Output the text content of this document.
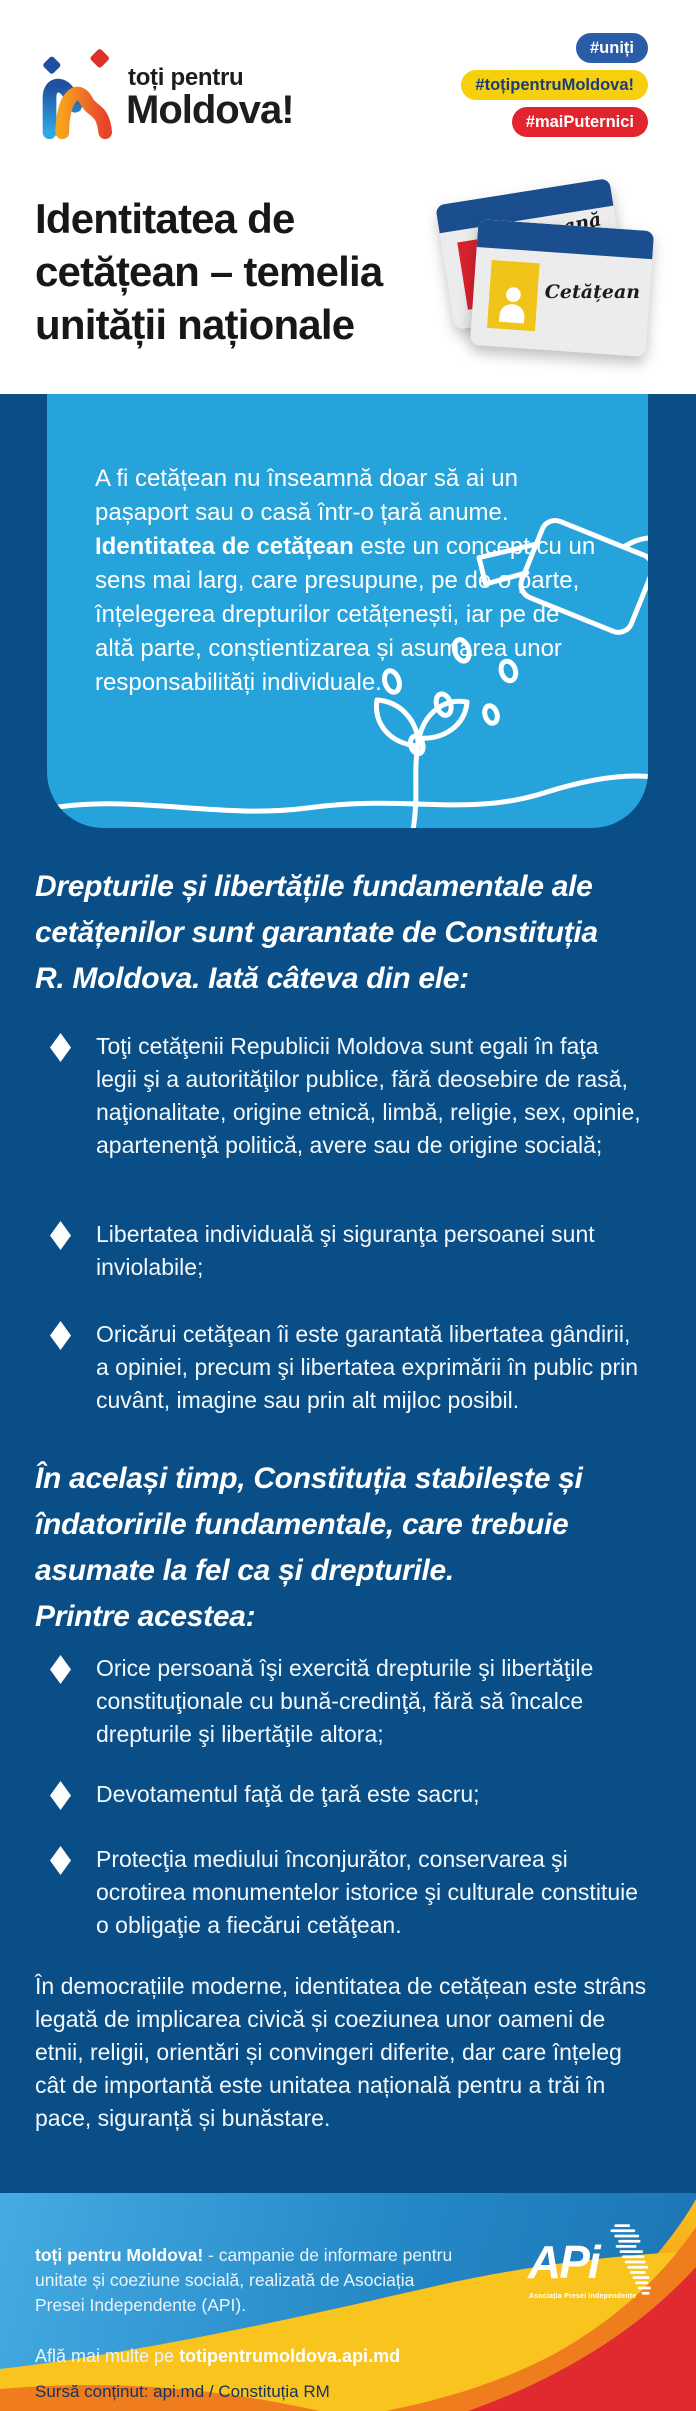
toți pentru
Moldova!
#uniți
#toțipentruMoldova!
#maiPuternici
Identitatea de
cetățean – temelia
unității naționale
Cetățean

A fi cetățean nu înseamnă doar să ai un pașaport sau o casă într-o țară anume. Identitatea de cetățean este un concept cu un sens mai larg, care presupune, pe de o parte, înțelegerea drepturilor cetățenești, iar pe de altă parte, conștientizarea și asumarea unor responsabilități individuale.

Drepturile și libertățile fundamentale ale
cetățenilor sunt garantate de Constituția
R. Moldova. Iată câteva din ele:

Toţi cetăţenii Republicii Moldova sunt egali în faţa legii şi a autorităţilor publice, fără deosebire de rasă, naţionalitate, origine etnică, limbă, religie, sex, opinie, apartenenţă politică, avere sau de origine socială;

Libertatea individuală şi siguranţa persoanei sunt inviolabile;

Oricărui cetăţean îi este garantată libertatea gândirii, a opiniei, precum şi libertatea exprimării în public prin cuvânt, imagine sau prin alt mijloc posibil.

În același timp, Constituția stabilește și
îndatoririle fundamentale, care trebuie
asumate la fel ca și drepturile.
Printre acestea:

Orice persoană îşi exercită drepturile şi libertăţile constituţionale cu bună-credinţă, fără să încalce drepturile şi libertăţile altora;

Devotamentul faţă de ţară este sacru;

Protecţia mediului înconjurător, conservarea şi ocrotirea monumentelor istorice şi culturale constituie o obligaţie a fiecărui cetăţean.

În democrațiile moderne, identitatea de cetățean este strâns legată de implicarea civică și coeziunea unor oameni de etnii, religii, orientări și convingeri diferite, dar care înțeleg cât de importantă este unitatea națională pentru a trăi în pace, siguranță și bunăstare.
toți pentru Moldova! - campanie de informare pentru unitate și coeziune socială, realizată de Asociația Presei Independente (API).
Află mai multe pe totipentrumoldova.api.md
Sursă conținut: api.md / Constituția RM
APi
Asociația Presei Independente
